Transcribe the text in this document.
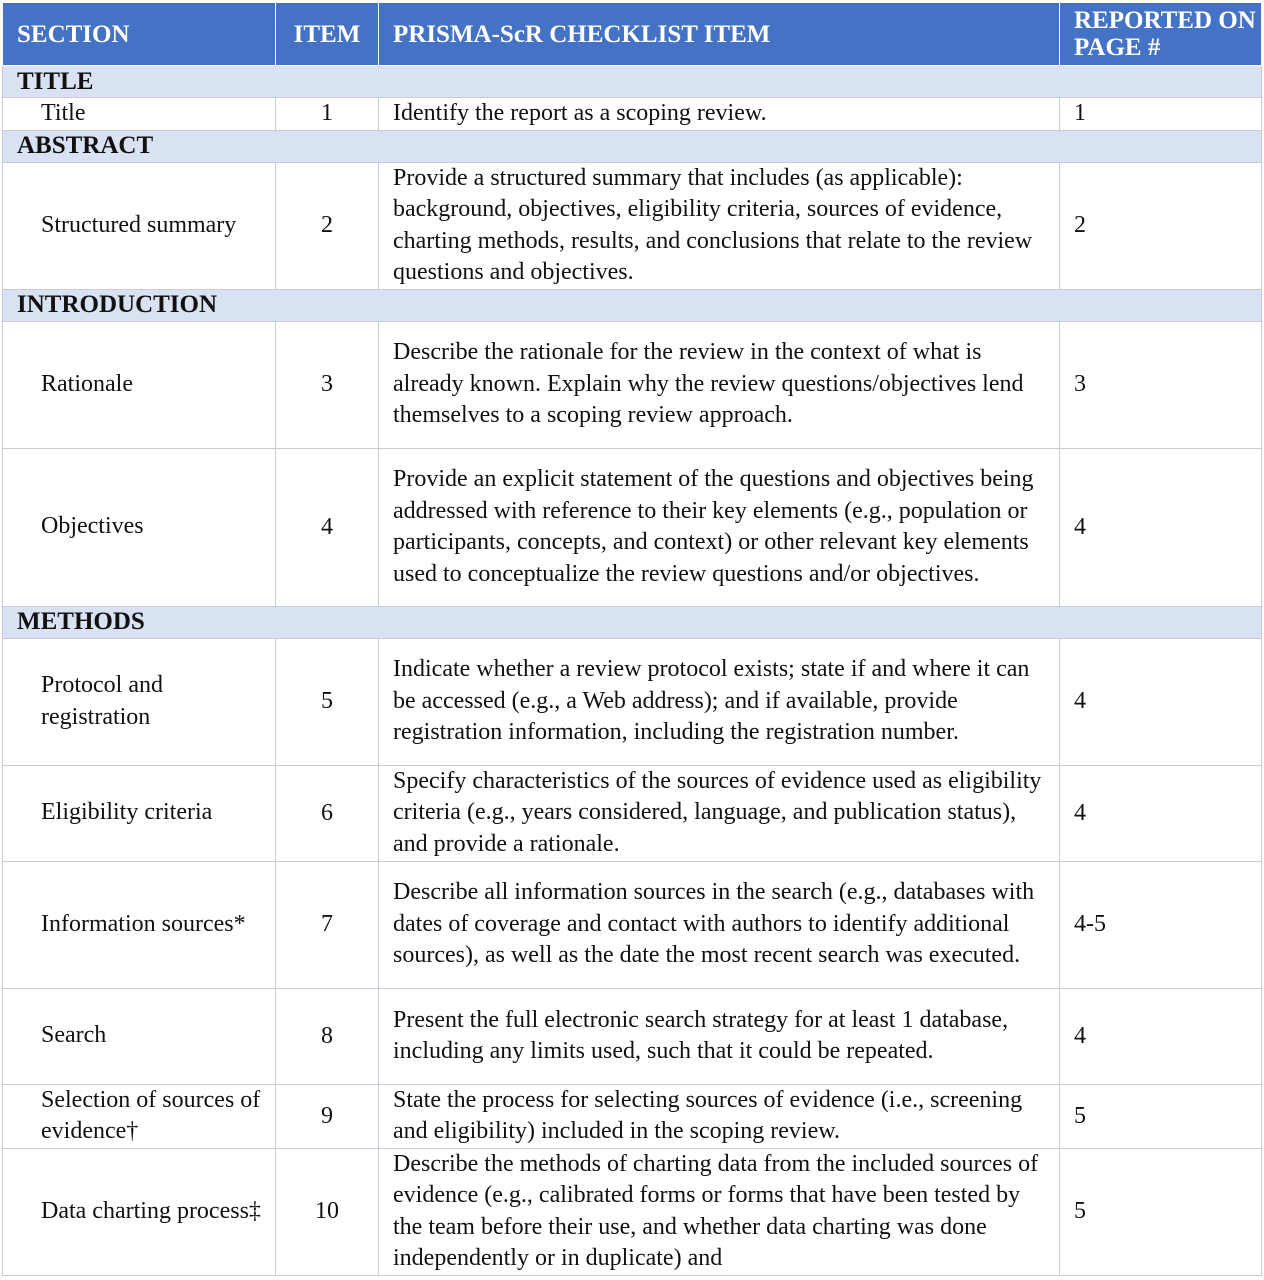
SECTION	ITEM	PRISMA-ScR CHECKLIST ITEM	REPORTED ON PAGE #
TITLE			
Title	1	Identify the report as a scoping review.	1
ABSTRACT			
Structured summary	2	Provide a structured summary that includes (as applicable): background, objectives, eligibility criteria, sources of evidence, charting methods, results, and conclusions that relate to the review questions and objectives.	2
INTRODUCTION			
Rationale	3	Describe the rationale for the review in the context of what is already known. Explain why the review questions/objectives lend themselves to a scoping review approach.	3
Objectives	4	Provide an explicit statement of the questions and objectives being addressed with reference to their key elements (e.g., population or participants, concepts, and context) or other relevant key elements used to conceptualize the review questions and/or objectives.	4
METHODS			
Protocol and registration	5	Indicate whether a review protocol exists; state if and where it can be accessed (e.g., a Web address); and if available, provide registration information, including the registration number.	4
Eligibility criteria	6	Specify characteristics of the sources of evidence used as eligibility criteria (e.g., years considered, language, and publication status), and provide a rationale.	4
Information sources*	7	Describe all information sources in the search (e.g., databases with dates of coverage and contact with authors to identify additional sources), as well as the date the most recent search was executed.	4-5
Search	8	Present the full electronic search strategy for at least 1 database, including any limits used, such that it could be repeated.	4
Selection of sources of evidence†	9	State the process for selecting sources of evidence (i.e., screening and eligibility) included in the scoping review.	5
Data charting process‡	10	Describe the methods of charting data from the included sources of evidence (e.g., calibrated forms or forms that have been tested by the team before their use, and whether data charting was done independently or in duplicate) and	5
